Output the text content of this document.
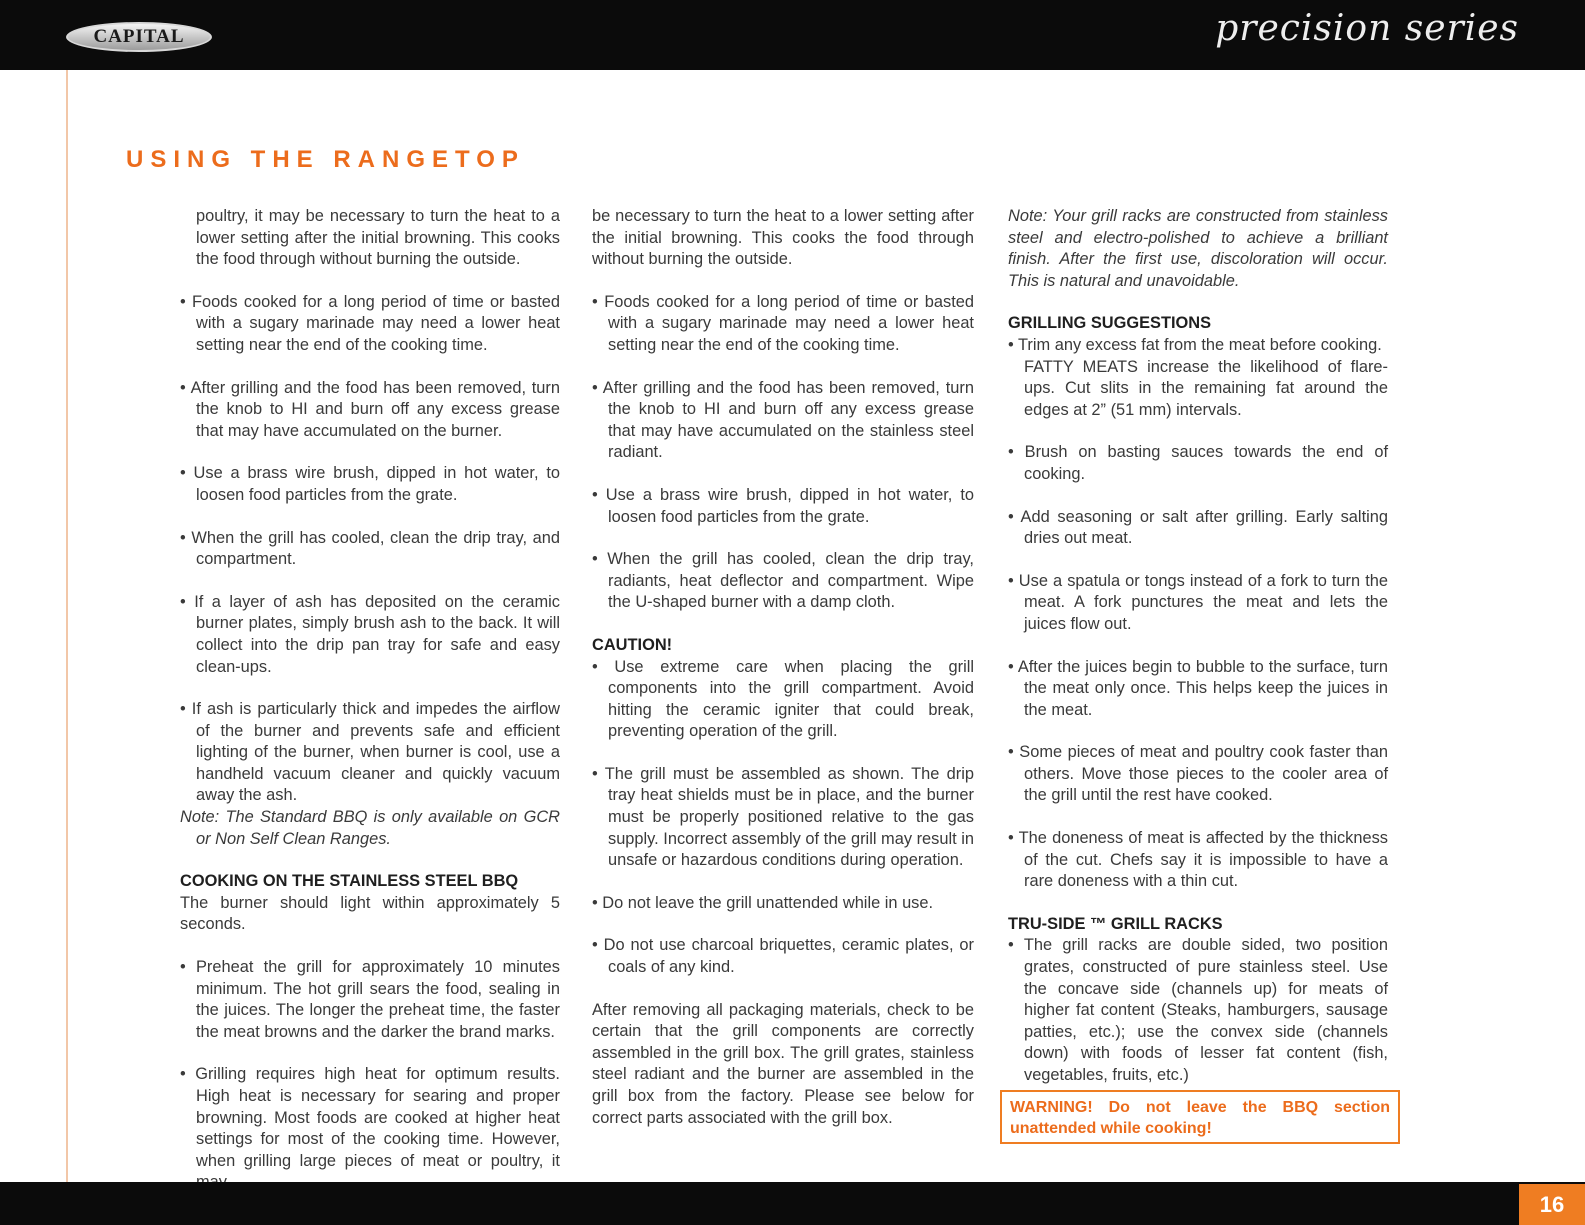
CAPITAL	precision series
USING THE RANGETOP

poultry, it may be necessary to turn the heat to a lower setting after the initial browning. This cooks the food through without burning the outside.

• Foods cooked for a long period of time or basted with a sugary marinade may need a lower heat setting near the end of the cooking time.

• After grilling and the food has been removed, turn the knob to HI and burn off any excess grease that may have accumulated on the burner.

• Use a brass wire brush, dipped in hot water, to loosen food particles from the grate.

• When the grill has cooled, clean the drip tray, and compartment.

• If a layer of ash has deposited on the ceramic burner plates, simply brush ash to the back. It will collect into the drip pan tray for safe and easy clean-ups.

• If ash is particularly thick and impedes the airflow of the burner and prevents safe and efficient lighting of the burner, when burner is cool, use a handheld vacuum cleaner and quickly vacuum away the ash.
Note: The Standard BBQ is only available on GCR or Non Self Clean Ranges.

COOKING ON THE STAINLESS STEEL BBQ

The burner should light within approximately 5 seconds.

• Preheat the grill for approximately 10 minutes minimum. The hot grill sears the food, sealing in the juices. The longer the preheat time, the faster the meat browns and the darker the brand marks.

• Grilling requires high heat for optimum results. High heat is necessary for searing and proper browning. Most foods are cooked at higher heat settings for most of the cooking time. However, when grilling large pieces of meat or poultry, it

be necessary to turn the heat to a lower setting after the initial browning. This cooks the food through without burning the outside.

• Foods cooked for a long period of time or basted with a sugary marinade may need a lower heat setting near the end of the cooking time.

• After grilling and the food has been removed, turn the knob to HI and burn off any excess grease that may have accumulated on the stainless steel radiant.

• Use a brass wire brush, dipped in hot water, to loosen food particles from the grate.

• When the grill has cooled, clean the drip tray, radiants, heat deflector and compartment. Wipe the U-shaped burner with a damp cloth.

CAUTION!

• Use extreme care when placing the grill components into the grill compartment. Avoid hitting the ceramic igniter that could break, preventing operation of the grill.

• The grill must be assembled as shown. The drip tray heat shields must be in place, and the burner must be properly positioned relative to the gas supply. Incorrect assembly of the grill may result in unsafe or hazardous conditions during operation.

• Do not leave the grill unattended while in use.

• Do not use charcoal briquettes, ceramic plates, or coals of any kind.

After removing all packaging materials, check to be certain that the grill components are correctly assembled in the grill box. The grill grates, stainless steel radiant and the burner are assembled in the grill box from the factory. Please see below for correct parts associated with the grill box.

Note: Your grill racks are constructed from stainless steel and electro-polished to achieve a brilliant finish. After the first use, discoloration will occur. This is natural and unavoidable.

GRILLING SUGGESTIONS

• Trim any excess fat from the meat before cooking.

FATTY MEATS increase the likelihood of flare-ups. Cut slits in the remaining fat around the edges at 2” (51 mm) intervals.

• Brush on basting sauces towards the end of cooking.

• Add seasoning or salt after grilling. Early salting dries out meat.

• Use a spatula or tongs instead of a fork to turn the meat. A fork punctures the meat and lets the juices flow out.

• After the juices begin to bubble to the surface, turn the meat only once. This helps keep the juices in the meat.

• Some pieces of meat and poultry cook faster than others. Move those pieces to the cooler area of the grill until the rest have cooked.

• The doneness of meat is affected by the thickness of the cut. Chefs say it is impossible to have a rare doneness with a thin cut.

TRU-SIDE ™ GRILL RACKS

• The grill racks are double sided, two position grates, constructed of pure stainless steel. Use the concave side (channels up) for meats of higher fat content (Steaks, hamburgers, sausage patties, etc.); use the convex side (channels down) with foods of lesser fat content (fish, vegetables, fruits, etc.)

WARNING! Do not leave the BBQ section unattended while cooking!
16
